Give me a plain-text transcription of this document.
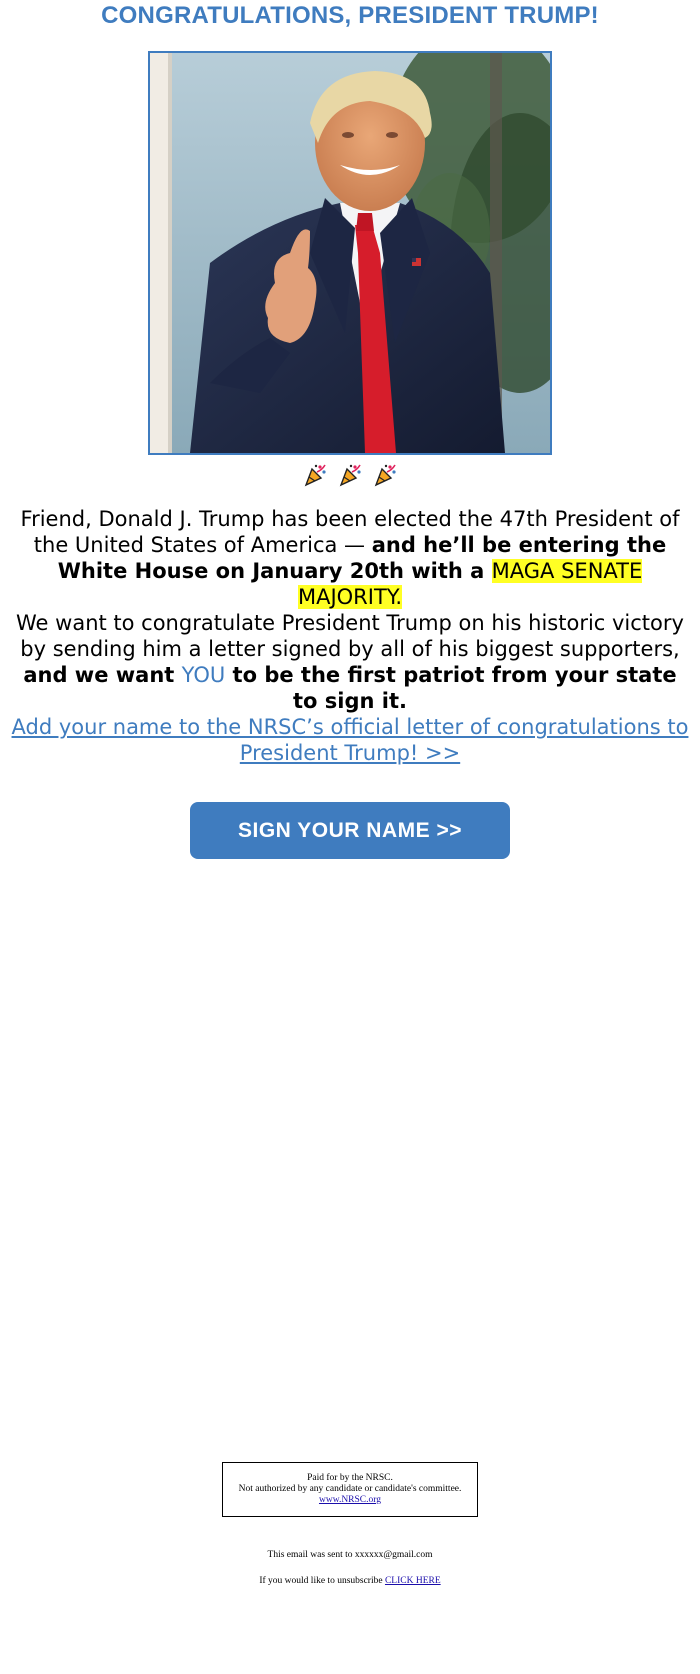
CONGRATULATIONS, PRESIDENT TRUMP!

Friend, Donald J. Trump has been elected the 47th President of the United States of America — and he’ll be entering the White House on January 20th with a MAGA SENATE MAJORITY.
We want to congratulate President Trump on his historic victory by sending him a letter signed by all of his biggest supporters, and we want YOU to be the first patriot from your state to sign it.
Add your name to the NRSC’s official letter of congratulations to President Trump! >>
SIGN YOUR NAME >>
Paid for by the NRSC.
Not authorized by any candidate or candidate's committee.
www.NRSC.org
This email was sent to xxxxxx@gmail.com
If you would like to unsubscribe CLICK HERE
